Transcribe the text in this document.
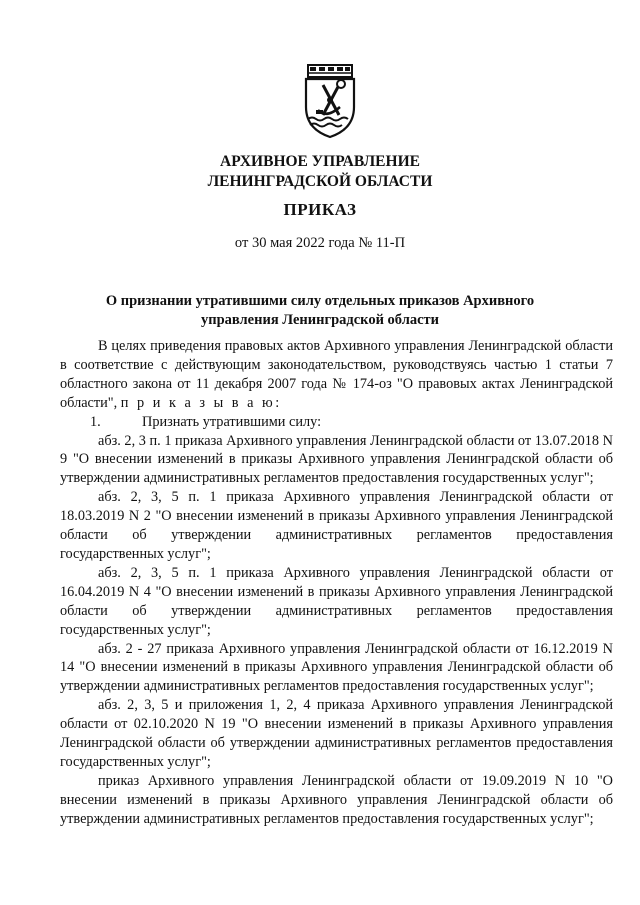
АРХИВНОЕ УПРАВЛЕНИЕ
ЛЕНИНГРАДСКОЙ ОБЛАСТИ
ПРИКАЗ
от 30 мая 2022 года № 11-П
О признании утратившими силу отдельных приказов Архивного
управления Ленинградской области

В целях приведения правовых актов Архивного управления Ленинградской области в соответствие с действующим законодательством, руководствуясь частью 1 статьи 7 областного закона от 11 декабря 2007 года № 174-оз "О правовых актах Ленинградской области", п р и к а з ы в а ю:

1.	Признать утратившими силу:

абз. 2, 3 п. 1 приказа Архивного управления Ленинградской области от 13.07.2018 N 9 "О внесении изменений в приказы Архивного управления Ленинградской области об утверждении административных регламентов предоставления государственных услуг";

абз. 2, 3, 5 п. 1 приказа Архивного управления Ленинградской области от 18.03.2019 N 2 "О внесении изменений в приказы Архивного управления Ленинградской области об утверждении административных регламентов предоставления государственных услуг";

абз. 2, 3, 5 п. 1 приказа Архивного управления Ленинградской области от 16.04.2019 N 4 "О внесении изменений в приказы Архивного управления Ленинградской области об утверждении административных регламентов предоставления государственных услуг";

абз. 2 - 27 приказа Архивного управления Ленинградской области от 16.12.2019 N 14 "О внесении изменений в приказы Архивного управления Ленинградской области об утверждении административных регламентов предоставления государственных услуг";

абз. 2, 3, 5 и приложения 1, 2, 4 приказа Архивного управления Ленинградской области от 02.10.2020 N 19 "О внесении изменений в приказы Архивного управления Ленинградской области об утверждении административных регламентов предоставления государственных услуг";

приказ Архивного управления Ленинградской области от 19.09.2019 N 10 "О внесении изменений в приказы Архивного управления Ленинградской области об утверждении административных регламентов предоставления государственных услуг";
